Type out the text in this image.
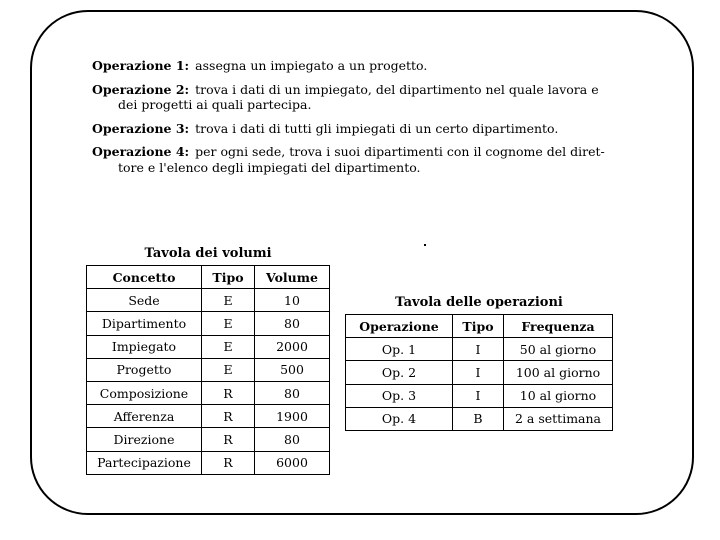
Operazione 1: assegna un impiegato a un progetto.
Operazione 2: trova i dati di un impiegato, del dipartimento nel quale lavora e
dei progetti ai quali partecipa.
Operazione 3: trova i dati di tutti gli impiegati di un certo dipartimento.
Operazione 4: per ogni sede, trova i suoi dipartimenti con il cognome del diret-
tore e l'elenco degli impiegati del dipartimento.
Tavola dei volumi
Concetto	Tipo	Volume
Sede	E	10
Dipartimento	E	80
Impiegato	E	2000
Progetto	E	500
Composizione	R	80
Afferenza	R	1900
Direzione	R	80
Partecipazione	R	6000
Tavola delle operazioni
Operazione	Tipo	Frequenza
Op. 1	I	50 al giorno
Op. 2	I	100 al giorno
Op. 3	I	10 al giorno
Op. 4	B	2 a settimana
